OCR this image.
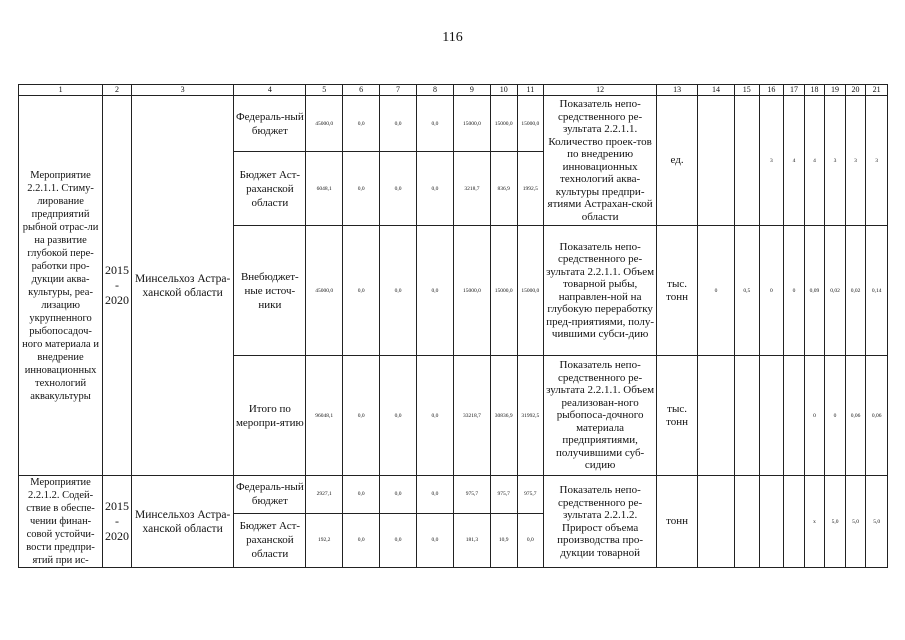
116
1	2	3	4	5	6	7	8	9	10	11	12	13	14	15	16	17	18	19	20	21
Мероприятие 2.2.1.1. Стиму-лирование предприятий рыбной отрас-ли на развитие глубокой пере-работки про-дукции аква-культуры, реа-лизацию укрупненного рыбопосадоч-ного материала и внедрение инновационных технологий аквакультуры	2015 - 2020	Минсельхоз Астра-ханской области	Федераль-ный бюджет	45000,0	0,0	0,0	0,0	15000,0	15000,0	15000,0	Показатель непо-средственного ре-зультата 2.2.1.1. Количество проек-тов по внедрению инновационных технологий аква-культуры предпри-ятиями Астрахан-ской области	ед.			3	4	4	3	3	3
			Бюджет Аст-раханской области	6048,1	0,0	0,0	0,0	3218,7	836,9	1992,5										
			Внебюджет-ные источ-ники	45000,0	0,0	0,0	0,0	15000,0	15000,0	15000,0	Показатель непо-средственного ре-зультата 2.2.1.1. Объем товарной рыбы, направлен-ной на глубокую переработку пред-приятиями, полу-чившими субси-дию	тыс. тонн	0	0,5	0	0	0,09	0,02	0,02	0,14
			Итого по меропри-ятию	96048,1	0,0	0,0	0,0	33218,7	30836,9	31992,5	Показатель непо-средственного ре-зультата 2.2.1.1. Объем реализован-ного рыбопоса-дочного материала предприятиями, получившими суб-сидию	тыс. тонн					0	0	0,06	0,06
Мероприятие 2.2.1.2. Содей-ствие в обеспе-чении финан-совой устойчи-вости предпри-ятий при ис-	2015 - 2020	Минсельхоз Астра-ханской области	Федераль-ный бюджет	2927,1	0,0	0,0	0,0	975,7	975,7	975,7	Показатель непо-средственного ре-зультата 2.2.1.2. Прирост объема производства про-дукции товарной	тонн					x	5,0	5,0	5,0
			Бюджет Аст-раханской области	192,2	0,0	0,0	0,0	181,3	10,9	0,0										
